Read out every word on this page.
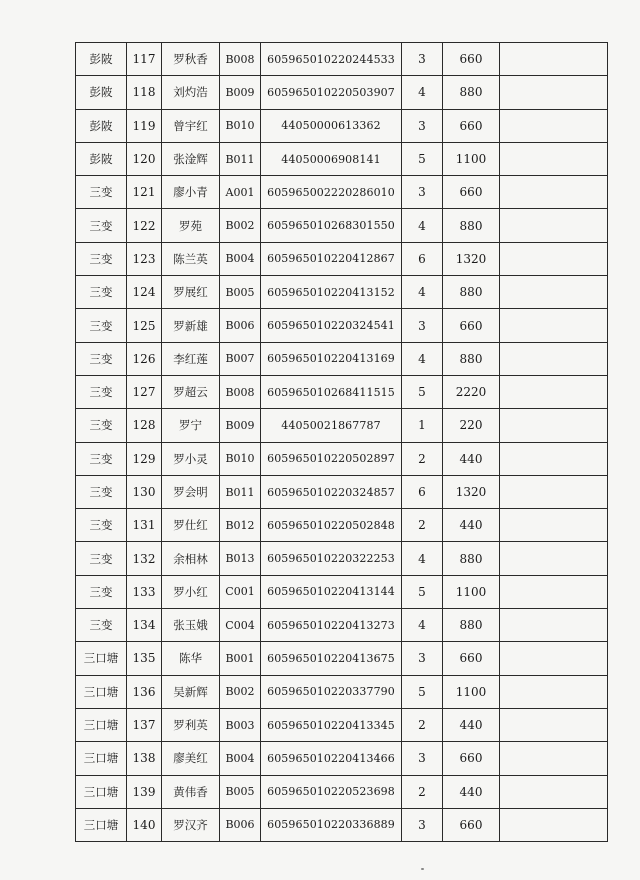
彭陂	117	罗秋香	B008	605965010220244533	3	660	
彭陂	118	刘灼浩	B009	605965010220503907	4	880	
彭陂	119	曾宇红	B010	44050000613362	3	660	
彭陂	120	张淦辉	B011	44050006908141	5	1100	
三变	121	廖小青	A001	605965002220286010	3	660	
三变	122	罗苑	B002	605965010268301550	4	880	
三变	123	陈兰英	B004	605965010220412867	6	1320	
三变	124	罗展红	B005	605965010220413152	4	880	
三变	125	罗新雄	B006	605965010220324541	3	660	
三变	126	李红莲	B007	605965010220413169	4	880	
三变	127	罗超云	B008	605965010268411515	5	2220	
三变	128	罗宁	B009	44050021867787	1	220	
三变	129	罗小灵	B010	605965010220502897	2	440	
三变	130	罗会明	B011	605965010220324857	6	1320	
三变	131	罗仕红	B012	605965010220502848	2	440	
三变	132	余相林	B013	605965010220322253	4	880	
三变	133	罗小红	C001	605965010220413144	5	1100	
三变	134	张玉娥	C004	605965010220413273	4	880	
三口塘	135	陈华	B001	605965010220413675	3	660	
三口塘	136	吴新辉	B002	605965010220337790	5	1100	
三口塘	137	罗利英	B003	605965010220413345	2	440	
三口塘	138	廖美红	B004	605965010220413466	3	660	
三口塘	139	黄伟香	B005	605965010220523698	2	440	
三口塘	140	罗汉齐	B006	605965010220336889	3	660	
